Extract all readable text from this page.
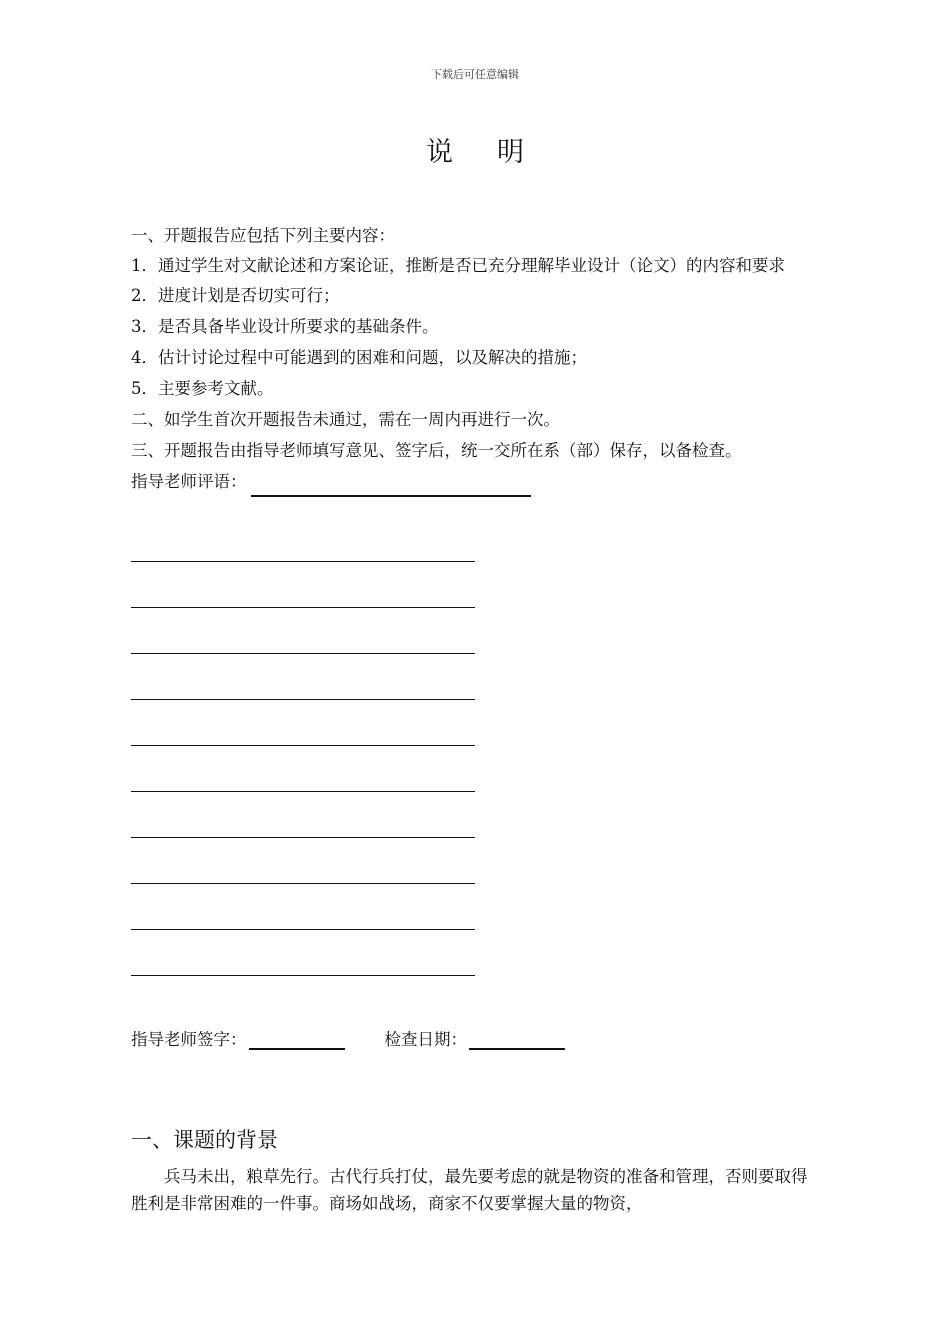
下载后可任意编辑
说明

一、开题报告应包括下列主要内容：

1．通过学生对文献论述和方案论证，推断是否已充分理解毕业设计（论文）的内容和要求

2．进度计划是否切实可行；

3．是否具备毕业设计所要求的基础条件。

4．估计讨论过程中可能遇到的困难和问题，以及解决的措施；

5．主要参考文献。

二、如学生首次开题报告未通过，需在一周内再进行一次。

三、开题报告由指导老师填写意见、签字后，统一交所在系（部）保存，以备检查。

指导老师评语：
指导老师签字：	检查日期：
一、课题的背景

兵马未出，粮草先行。古代行兵打仗，最先要考虑的就是物资的准备和管理，否则要取得胜利是非常困难的一件事。商场如战场，商家不仅要掌握大量的物资，
